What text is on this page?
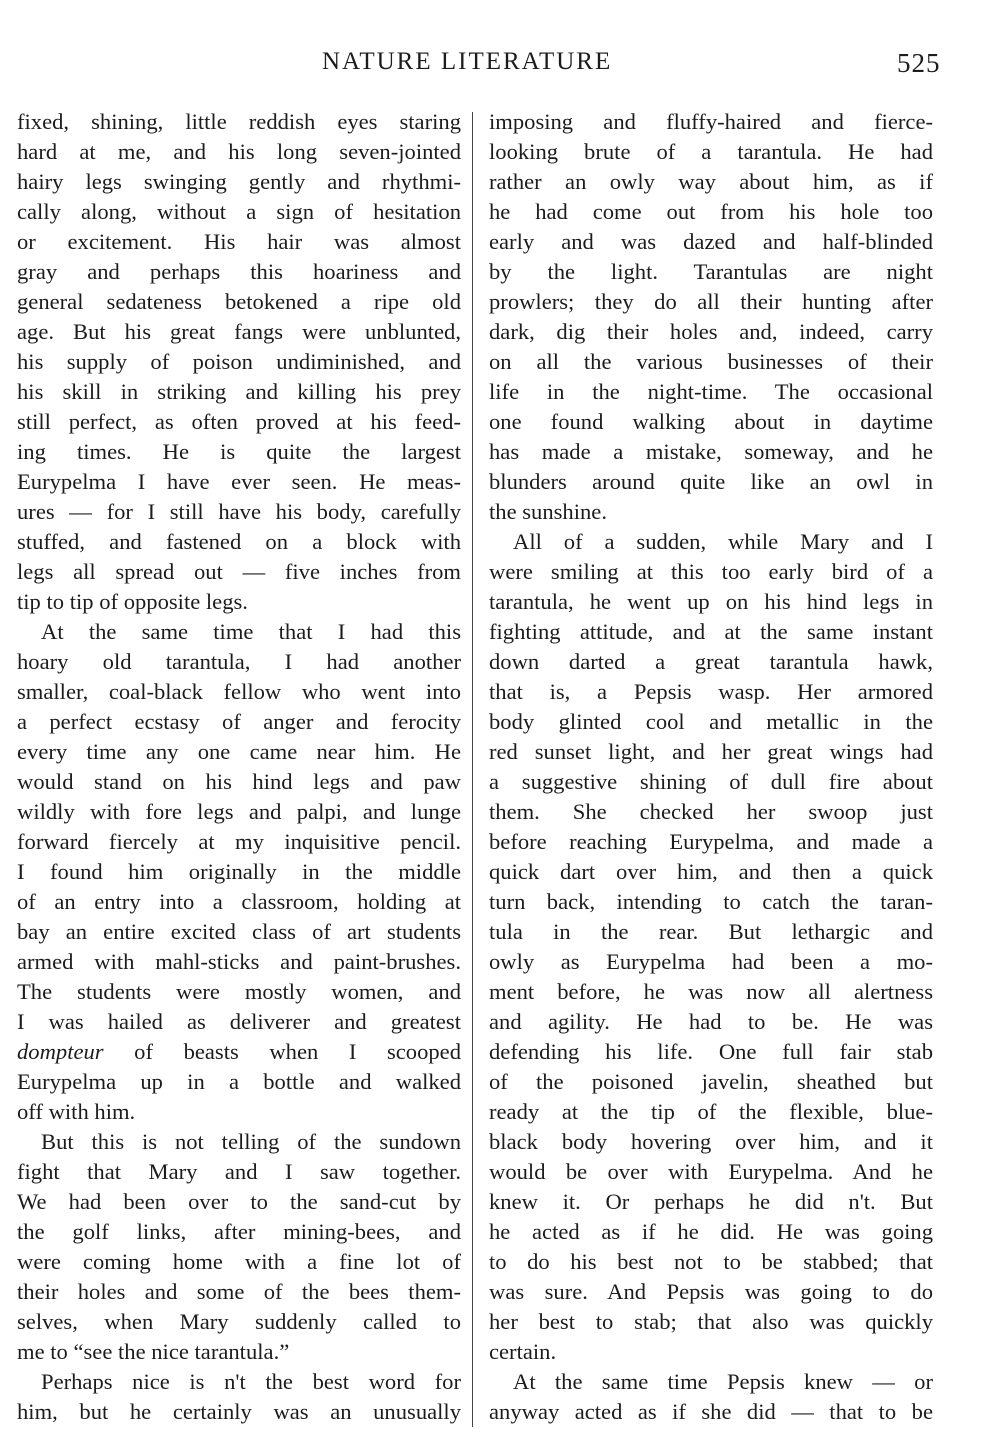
NATURE LITERATURE	525
fixed, shining, little reddish eyes staring
hard at me, and his long seven-jointed
hairy legs swinging gently and rhythmi-
cally along, without a sign of hesitation
or excitement. His hair was almost
gray and perhaps this hoariness and
general sedateness betokened a ripe old
age. But his great fangs were unblunted,
his supply of poison undiminished, and
his skill in striking and killing his prey
still perfect, as often proved at his feed-
ing times. He is quite the largest
Eurypelma I have ever seen. He meas-
ures — for I still have his body, carefully
stuffed, and fastened on a block with
legs all spread out — five inches from
tip to tip of opposite legs.
At the same time that I had this
hoary old tarantula, I had another
smaller, coal-black fellow who went into
a perfect ecstasy of anger and ferocity
every time any one came near him. He
would stand on his hind legs and paw
wildly with fore legs and palpi, and lunge
forward fiercely at my inquisitive pencil.
I found him originally in the middle
of an entry into a classroom, holding at
bay an entire excited class of art students
armed with mahl-sticks and paint-brushes.
The students were mostly women, and
I was hailed as deliverer and greatest
dompteur of beasts when I scooped
Eurypelma up in a bottle and walked
off with him.
But this is not telling of the sundown
fight that Mary and I saw together.
We had been over to the sand-cut by
the golf links, after mining-bees, and
were coming home with a fine lot of
their holes and some of the bees them-
selves, when Mary suddenly called to
me to “see the nice tarantula.”
Perhaps nice is n't the best word for
him, but he certainly was an unusually
imposing and fluffy-haired and fierce-
looking brute of a tarantula. He had
rather an owly way about him, as if
he had come out from his hole too
early and was dazed and half-blinded
by the light. Tarantulas are night
prowlers; they do all their hunting after
dark, dig their holes and, indeed, carry
on all the various businesses of their
life in the night-time. The occasional
one found walking about in daytime
has made a mistake, someway, and he
blunders around quite like an owl in
the sunshine.
All of a sudden, while Mary and I
were smiling at this too early bird of a
tarantula, he went up on his hind legs in
fighting attitude, and at the same instant
down darted a great tarantula hawk,
that is, a Pepsis wasp. Her armored
body glinted cool and metallic in the
red sunset light, and her great wings had
a suggestive shining of dull fire about
them. She checked her swoop just
before reaching Eurypelma, and made a
quick dart over him, and then a quick
turn back, intending to catch the taran-
tula in the rear. But lethargic and
owly as Eurypelma had been a mo-
ment before, he was now all alertness
and agility. He had to be. He was
defending his life. One full fair stab
of the poisoned javelin, sheathed but
ready at the tip of the flexible, blue-
black body hovering over him, and it
would be over with Eurypelma. And he
knew it. Or perhaps he did n't. But
he acted as if he did. He was going
to do his best not to be stabbed; that
was sure. And Pepsis was going to do
her best to stab; that also was quickly
certain.
At the same time Pepsis knew — or
anyway acted as if she did — that to be
